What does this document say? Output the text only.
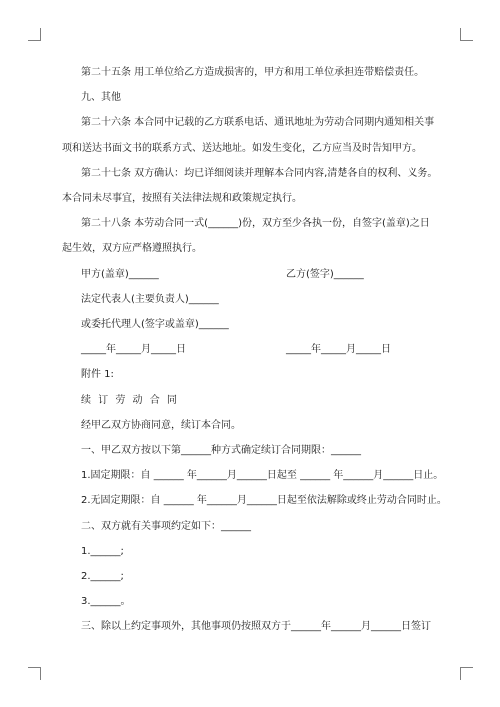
第二十五条 用工单位给乙方造成损害的，甲方和用工单位承担连带赔偿责任。

九、其他

第二十六条 本合同中记载的乙方联系电话、通讯地址为劳动合同期内通知相关事

项和送达书面文书的联系方式、送达地址。如发生变化，乙方应当及时告知甲方。

第二十七条 双方确认：均已详细阅读并理解本合同内容,清楚各自的权利、义务。

本合同未尽事宜，按照有关法律法规和政策规定执行。

第二十八条 本劳动合同一式(______)份，双方至少各执一份，自签字(盖章)之日

起生效，双方应严格遵照执行。

甲方(盖章)______	乙方(签字)______

法定代表人(主要负责人)______

或委托代理人(签字或盖章)______

_____年_____月_____日	_____年_____月_____日

附件 1:

续 订 劳 动 合 同

经甲乙双方协商同意，续订本合同。

一、甲乙双方按以下第______种方式确定续订合同期限：______

1.固定期限：自 ______ 年______月______日起至 ______ 年______月______日止。

2.无固定期限：自 ______ 年______月______日起至依法解除或终止劳动合同时止。

二、双方就有关事项约定如下：______

1.______;

2.______;

3.______。

三、除以上约定事项外，其他事项仍按照双方于______年______月______日签订
